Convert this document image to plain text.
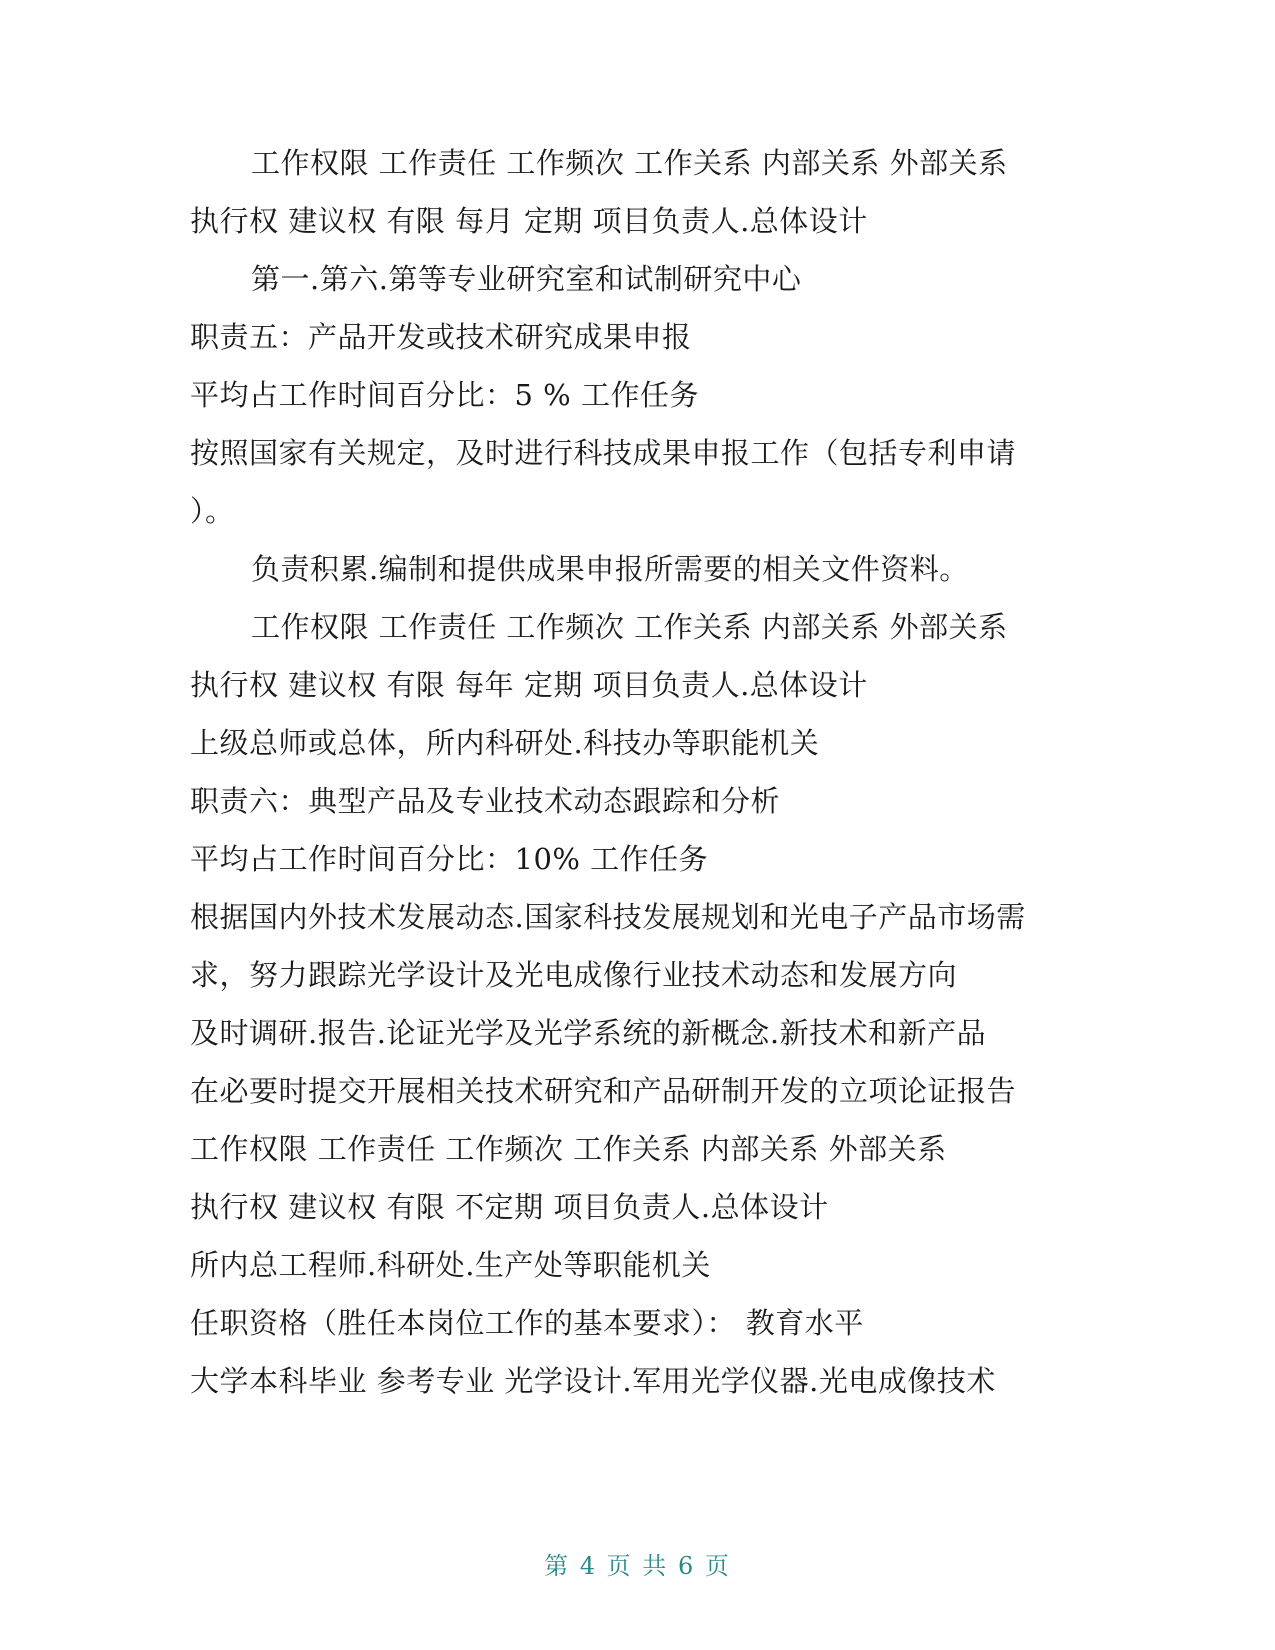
工作权限 工作责任 工作频次 工作关系 内部关系 外部关系
执行权 建议权 有限 每月 定期 项目负责人.总体设计
第一.第六.第等专业研究室和试制研究中心
职责五：产品开发或技术研究成果申报
平均占工作时间百分比：5 % 工作任务
按照国家有关规定，及时进行科技成果申报工作（包括专利申请
）。
负责积累.编制和提供成果申报所需要的相关文件资料。
工作权限 工作责任 工作频次 工作关系 内部关系 外部关系
执行权 建议权 有限 每年 定期 项目负责人.总体设计
上级总师或总体，所内科研处.科技办等职能机关
职责六：典型产品及专业技术动态跟踪和分析
平均占工作时间百分比：10% 工作任务
根据国内外技术发展动态.国家科技发展规划和光电子产品市场需
求，努力跟踪光学设计及光电成像行业技术动态和发展方向
及时调研.报告.论证光学及光学系统的新概念.新技术和新产品
在必要时提交开展相关技术研究和产品研制开发的立项论证报告
工作权限 工作责任 工作频次 工作关系 内部关系 外部关系
执行权 建议权 有限 不定期 项目负责人.总体设计
所内总工程师.科研处.生产处等职能机关
任职资格（胜任本岗位工作的基本要求）： 教育水平
大学本科毕业 参考专业 光学设计.军用光学仪器.光电成像技术
第 4 页 共 6 页
